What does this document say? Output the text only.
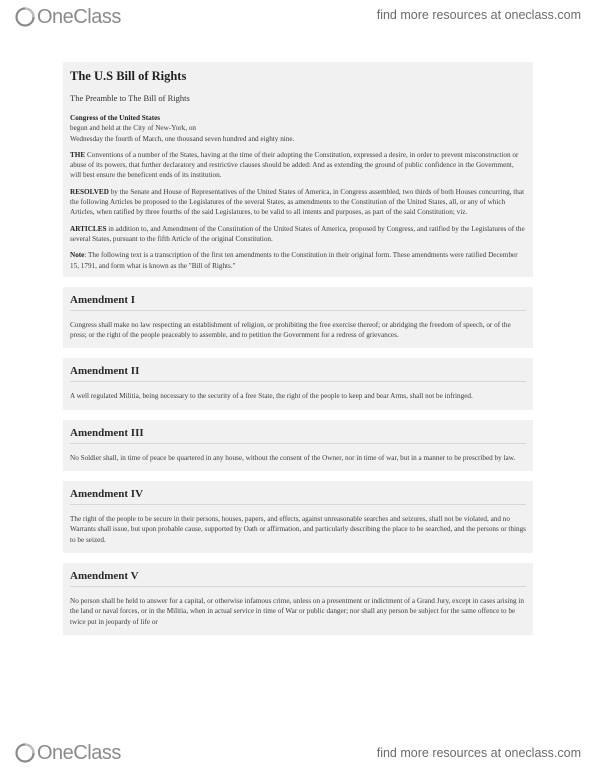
OneClass	find more resources at oneclass.com
The U.S Bill of Rights
The Preamble to The Bill of Rights
Congress of the United States
begun and held at the City of New-York, on
Wednesday the fourth of March, one thousand seven hundred and eighty nine.
THE Conventions of a number of the States, having at the time of their adopting the Constitution, expressed a desire, in order to prevent misconstruction or abuse of its powers, that further declaratory and restrictive clauses should be added: And as extending the ground of public confidence in the Government, will best ensure the beneficent ends of its institution.
RESOLVED by the Senate and House of Representatives of the United States of America, in Congress assembled, two thirds of both Houses concurring, that the following Articles be proposed to the Legislatures of the several States, as amendments to the Constitution of the United States, all, or any of which Articles, when ratified by three fourths of the said Legislatures, to be valid to all intents and purposes, as part of the said Constitution; viz.
ARTICLES in addition to, and Amendment of the Constitution of the United States of America, proposed by Congress, and ratified by the Legislatures of the several States, pursuant to the fifth Article of the original Constitution.
Note: The following text is a transcription of the first ten amendments to the Constitution in their original form. These amendments were ratified December 15, 1791, and form what is known as the "Bill of Rights."
Amendment I
Congress shall make no law respecting an establishment of religion, or prohibiting the free exercise thereof; or abridging the freedom of speech, or of the press; or the right of the people peaceably to assemble, and to petition the Government for a redress of grievances.
Amendment II
A well regulated Militia, being necessary to the security of a free State, the right of the people to keep and bear Arms, shall not be infringed.
Amendment III
No Soldier shall, in time of peace be quartered in any house, without the consent of the Owner, nor in time of war, but in a manner to be prescribed by law.
Amendment IV
The right of the people to be secure in their persons, houses, papers, and effects, against unreasonable searches and seizures, shall not be violated, and no Warrants shall issue, but upon probable cause, supported by Oath or affirmation, and particularly describing the place to be searched, and the persons or things to be seized.
Amendment V
No person shall be held to answer for a capital, or otherwise infamous crime, unless on a presentment or indictment of a Grand Jury, except in cases arising in the land or naval forces, or in the Militia, when in actual service in time of War or public danger; nor shall any person be subject for the same offence to be twice put in jeopardy of life or
OneClass	find more resources at oneclass.com
